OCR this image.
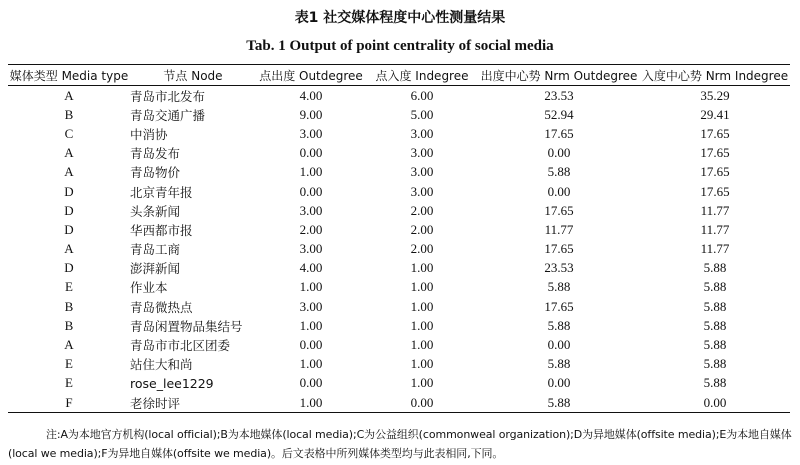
表1 社交媒体程度中心性测量结果
Tab. 1 Output of point centrality of social media
媒体类型 Media type	节点 Node	点出度 Outdegree	点入度 Indegree	出度中心势 Nrm Outdegree	入度中心势 Nrm Indegree
A	青岛市北发布	4.00	6.00	23.53	35.29
B	青岛交通广播	9.00	5.00	52.94	29.41
C	中消协	3.00	3.00	17.65	17.65
A	青岛发布	0.00	3.00	0.00	17.65
A	青岛物价	1.00	3.00	5.88	17.65
D	北京青年报	0.00	3.00	0.00	17.65
D	头条新闻	3.00	2.00	17.65	11.77
D	华西都市报	2.00	2.00	11.77	11.77
A	青岛工商	3.00	2.00	17.65	11.77
D	澎湃新闻	4.00	1.00	23.53	5.88
E	作业本	1.00	1.00	5.88	5.88
B	青岛微热点	3.00	1.00	17.65	5.88
B	青岛闲置物品集结号	1.00	1.00	5.88	5.88
A	青岛市市北区团委	0.00	1.00	0.00	5.88
E	站住大和尚	1.00	1.00	5.88	5.88
E	rose_lee1229	0.00	1.00	0.00	5.88
F	老徐时评	1.00	0.00	5.88	0.00
注:A为本地官方机构(local official);B为本地媒体(local media);C为公益组织(commonweal organization);D为异地媒体(offsite media);E为本地自媒体(local we media);F为异地自媒体(offsite we media)。后文表格中所列媒体类型均与此表相同,下同。
